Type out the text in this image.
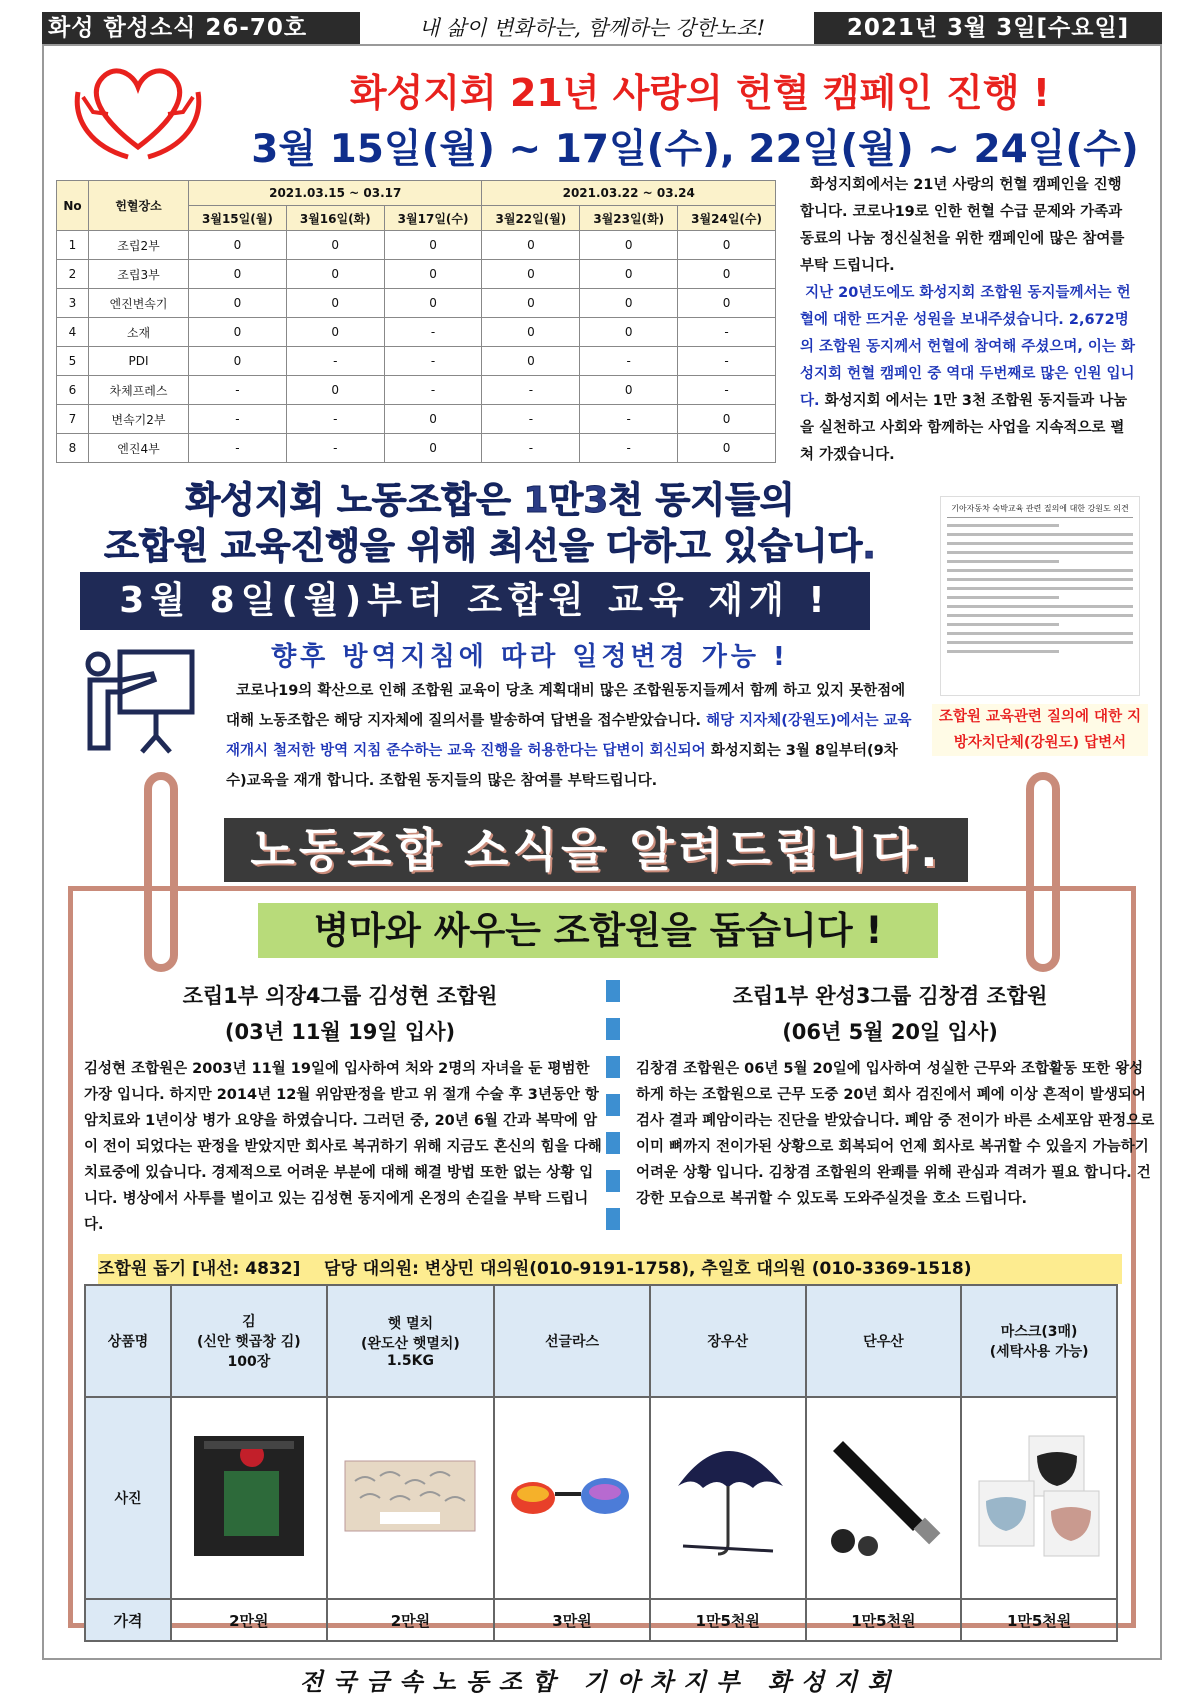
화성 함성소식 26-70호	내 삶이 변화하는, 함께하는 강한노조!	2021년 3월 3일[수요일]
화성지회 21년 사랑의 헌혈 캠페인 진행 !
3월 15일(월) ~ 17일(수), 22일(월) ~ 24일(수)
No	헌혈장소	2021.03.15 ~ 03.17			2021.03.22 ~ 03.24		
		3월15일(월)	3월16일(화)	3월17일(수)	3월22일(월)	3월23일(화)	3월24일(수)
1	조립2부	0	0	0	0	0	0
2	조립3부	0	0	0	0	0	0
3	엔진변속기	0	0	0	0	0	0
4	소재	0	0	-	0	0	-
5	PDI	0	-	-	0	-	-
6	차체프레스	-	0	-	-	0	-
7	변속기2부	-	-	0	-	-	0
8	엔진4부	-	-	0	-	-	0
화성지회에서는 21년 사랑의 헌혈 캠페인을 진행 합니다. 코로나19로 인한 헌혈 수급 문제와 가족과 동료의 나눔 정신실천을 위한 캠페인에 많은 참여를 부탁 드립니다.
지난 20년도에도 화성지회 조합원 동지들께서는 헌혈에 대한 뜨거운 성원을 보내주셨습니다. 2,672명의 조합원 동지께서 헌혈에 참여해 주셨으며, 이는 화성지회 헌혈 캠페인 중 역대 두번째로 많은 인원 입니다. 화성지회 에서는 1만 3천 조합원 동지들과 나눔을 실천하고 사회와 함께하는 사업을 지속적으로 펼쳐 가겠습니다.
화성지회 노동조합은 1만3천 동지들의
조합원 교육진행을 위해 최선을 다하고 있습니다.
3월 8일(월)부터 조합원 교육 재개 !
향후 방역지침에 따라 일정변경 가능 !
코로나19의 확산으로 인해 조합원 교육이 당초 계획대비 많은 조합원동지들께서 함께 하고 있지 못한점에 대해 노동조합은 해당 지자체에 질의서를 발송하여 답변을 접수받았습니다. 해당 지자체(강원도)에서는 교육 재개시 철저한 방역 지침 준수하는 교육 진행을 허용한다는 답변이 회신되어 화성지회는 3월 8일부터(9차수)교육을 재개 합니다. 조합원 동지들의 많은 참여를 부탁드립니다.
기아자동차 숙박교육 관련 질의에 대한 강원도 의견
조합원 교육관련 질의에 대한 지방자치단체(강원도) 답변서
노동조합 소식을 알려드립니다.
병마와 싸우는 조합원을 돕습니다 !
조립1부 의장4그룹 김성현 조합원
(03년 11월 19일 입사)
김성현 조합원은 2003년 11월 19일에 입사하여 처와 2명의 자녀을 둔 평범한 가장 입니다. 하지만 2014년 12월 위암판정을 받고 위 절개 수술 후 3년동안 항암치료와 1년이상 병가 요양을 하였습니다. 그러던 중, 20년 6월 간과 복막에 암이 전이 되었다는 판정을 받았지만 회사로 복귀하기 위해 지금도 혼신의 힘을 다해 치료중에 있습니다. 경제적으로 어려운 부분에 대해 해결 방법 또한 없는 상황 입니다. 병상에서 사투를 벌이고 있는 김성현 동지에게 온정의 손길을 부탁 드립니다.
조립1부 완성3그룹 김창겸 조합원
(06년 5월 20일 입사)
김창겸 조합원은 06년 5월 20일에 입사하여 성실한 근무와 조합활동 또한 왕성하게 하는 조합원으로 근무 도중 20년 회사 검진에서 폐에 이상 흔적이 발생되어 검사 결과 폐암이라는 진단을 받았습니다. 폐암 중 전이가 바른 소세포암 판정으로 이미 뼈까지 전이가된 상황으로 회복되어 언제 회사로 복귀할 수 있을지 가늠하기 어려운 상황 입니다. 김창겸 조합원의 완쾌를 위해 관심과 격려가 필요 합니다. 건강한 모습으로 복귀할 수 있도록 도와주실것을 호소 드립니다.
조합원 돕기 [내선: 4832]    담당 대의원: 변상민 대의원(010-9191-1758), 추일호 대의원 (010-3369-1518)
상품명	김
(신안 햇곱창 김)
100장	햇 멸치
(완도산 햇멸치)
1.5KG	선글라스	장우산	단우산	마스크(3매)
(세탁사용 가능)
사진						
가격	2만원	2만원	3만원	1만5천원	1만5천원	1만5천원
전국금속노동조합 기아차지부 화성지회
